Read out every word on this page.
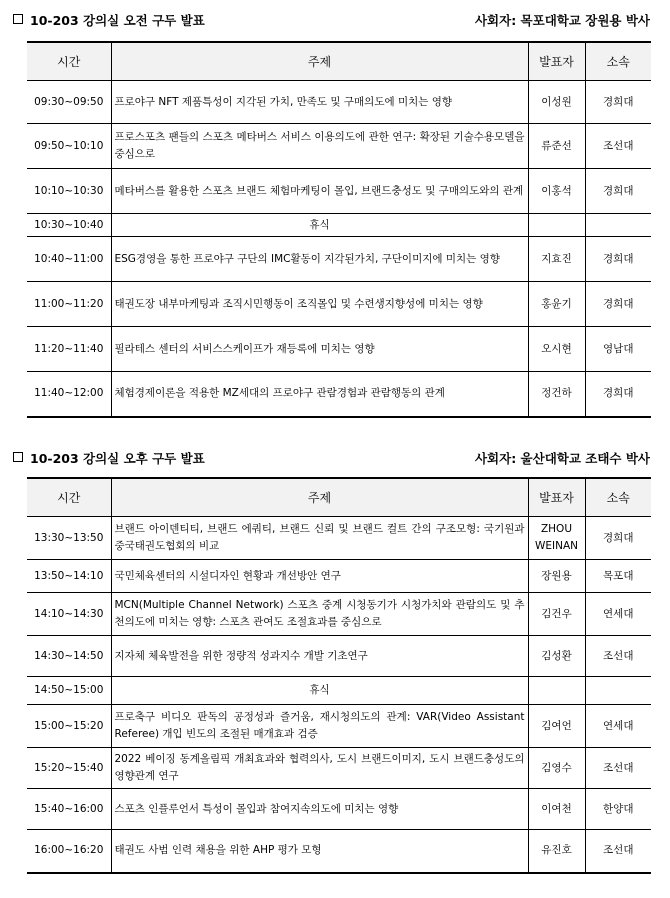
10-203 강의실 오전 구두 발표	사회자: 목포대학교 장원용 박사
시간	주제	발표자	소속
09:30~09:50	프로야구 NFT 제품특성이 지각된 가치, 만족도 및 구매의도에 미치는 영향	이성원	경희대
09:50~10:10	프로스포츠 팬들의 스포츠 메타버스 서비스 이용의도에 관한 연구: 확장된 기술수용모델을 중심으로	류준선	조선대
10:10~10:30	메타버스를 활용한 스포츠 브랜드 체험마케팅이 몰입, 브랜드충성도 및 구매의도와의 관계	이홍석	경희대
10:30~10:40	휴식		
10:40~11:00	ESG경영을 통한 프로야구 구단의 IMC활동이 지각된가치, 구단이미지에 미치는 영향	지효진	경희대
11:00~11:20	태권도장 내부마케팅과 조직시민행동이 조직몰입 및 수련생지향성에 미치는 영향	홍윤기	경희대
11:20~11:40	필라테스 센터의 서비스스케이프가 재등록에 미치는 영향	오시현	영남대
11:40~12:00	체험경제이론을 적용한 MZ세대의 프로야구 관람경험과 관람행동의 관계	정건하	경희대
10-203 강의실 오후 구두 발표	사회자: 울산대학교 조태수 박사
시간	주제	발표자	소속
13:30~13:50	브랜드 아이덴티티, 브랜드 에쿼티, 브랜드 신뢰 및 브랜드 컬트 간의 구조모형: 국기원과 중국태권도협회의 비교	ZHOU WEINAN	경희대
13:50~14:10	국민체육센터의 시설디자인 현황과 개선방안 연구	장원용	목포대
14:10~14:30	MCN(Multiple Channel Network) 스포츠 중계 시청동기가 시청가치와 관람의도 및 추천의도에 미치는 영향: 스포츠 관여도 조절효과를 중심으로	김건우	연세대
14:30~14:50	지자체 체육발전을 위한 정량적 성과지수 개발 기초연구	김성환	조선대
14:50~15:00	휴식		
15:00~15:20	프로축구 비디오 판독의 공정성과 즐거움, 재시청의도의 관계: VAR(Video Assistant Referee) 개입 빈도의 조절된 매개효과 검증	김여언	연세대
15:20~15:40	2022 베이징 동계올림픽 개최효과와 협력의사, 도시 브랜드이미지, 도시 브랜드충성도의 영향관계 연구	김영수	조선대
15:40~16:00	스포츠 인플루언서 특성이 몰입과 참여지속의도에 미치는 영향	이여천	한양대
16:00~16:20	태권도 사범 인력 채용을 위한 AHP 평가 모형	유진호	조선대
